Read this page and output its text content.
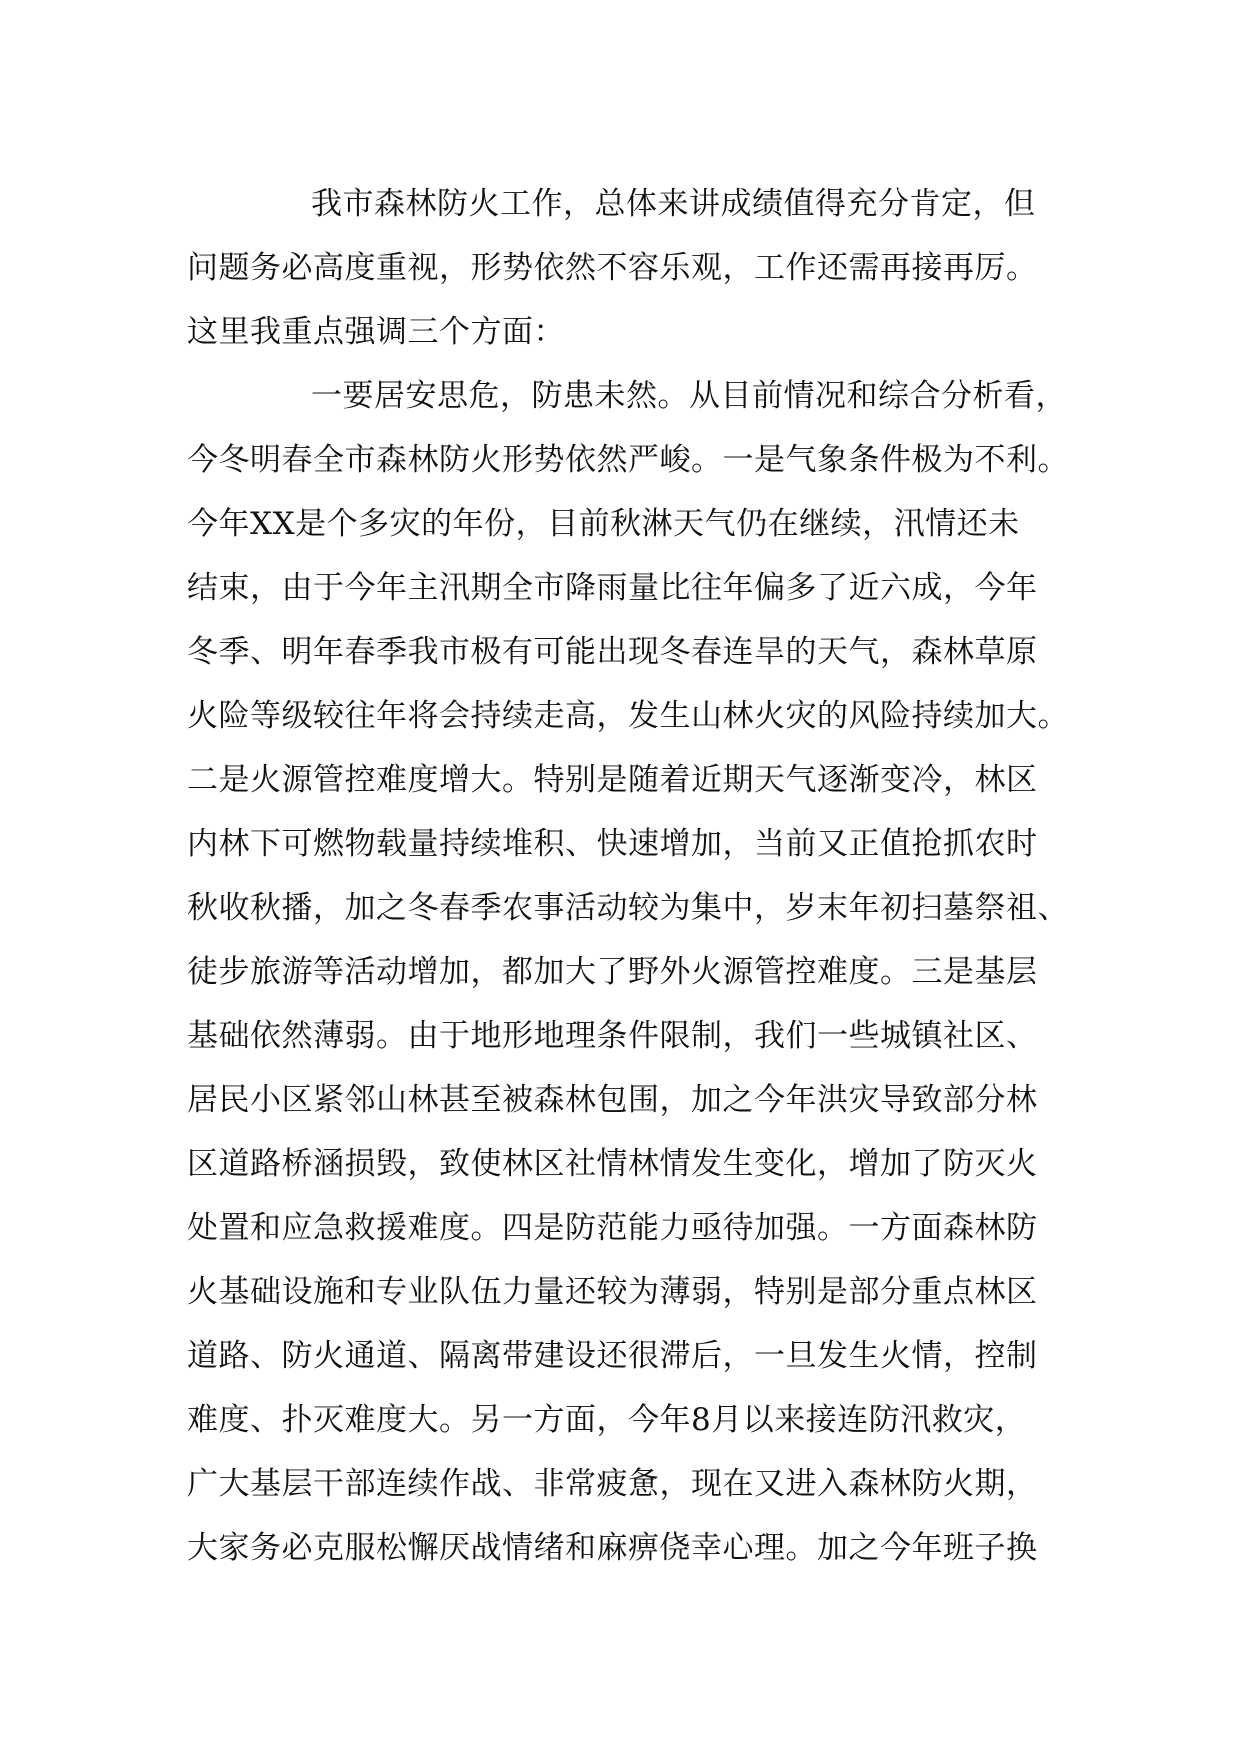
我市森林防火工作，总体来讲成绩值得充分肯定，但
问题务必高度重视，形势依然不容乐观，工作还需再接再厉。
这里我重点强调三个方面：
一要居安思危，防患未然。从目前情况和综合分析看，
今冬明春全市森林防火形势依然严峻。一是气象条件极为不利。
今年XX是个多灾的年份，目前秋淋天气仍在继续，汛情还未
结束，由于今年主汛期全市降雨量比往年偏多了近六成，今年
冬季、明年春季我市极有可能出现冬春连旱的天气，森林草原
火险等级较往年将会持续走高，发生山林火灾的风险持续加大。
二是火源管控难度增大。特别是随着近期天气逐渐变冷，林区
内林下可燃物载量持续堆积、快速增加，当前又正值抢抓农时
秋收秋播，加之冬春季农事活动较为集中，岁末年初扫墓祭祖、
徒步旅游等活动增加，都加大了野外火源管控难度。三是基层
基础依然薄弱。由于地形地理条件限制，我们一些城镇社区、
居民小区紧邻山林甚至被森林包围，加之今年洪灾导致部分林
区道路桥涵损毁，致使林区社情林情发生变化，增加了防灭火
处置和应急救援难度。四是防范能力亟待加强。一方面森林防
火基础设施和专业队伍力量还较为薄弱，特别是部分重点林区
道路、防火通道、隔离带建设还很滞后，一旦发生火情，控制
难度、扑灭难度大。另一方面，今年8月以来接连防汛救灾，
广大基层干部连续作战、非常疲惫，现在又进入森林防火期，
大家务必克服松懈厌战情绪和麻痹侥幸心理。加之今年班子换
